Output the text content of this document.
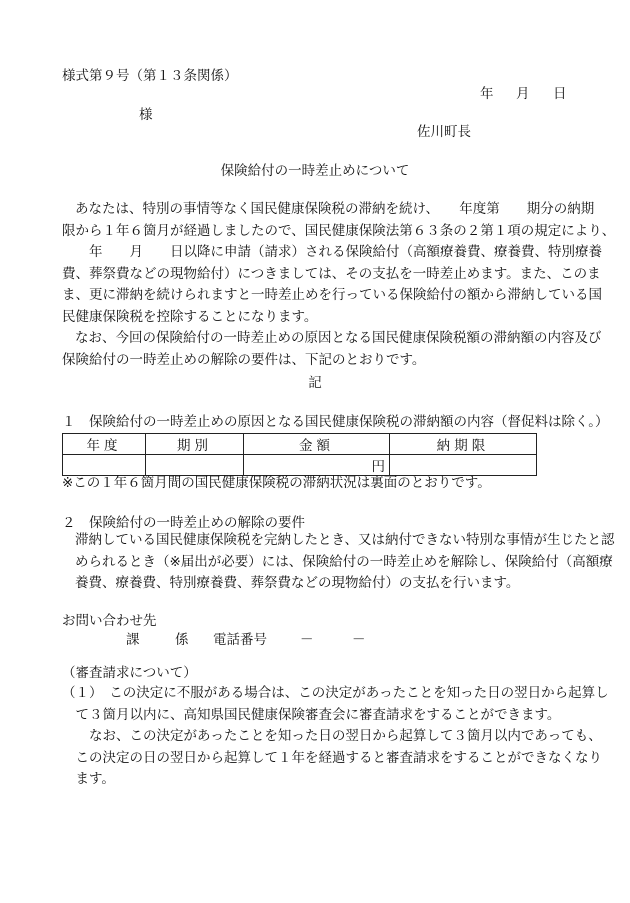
様式第９号（第１３条関係）
年 月 日
様
佐川町長
保険給付の一時差止めについて
あなたは、特別の事情等なく国民健康保険税の滞納を続け、　　年度第　　期分の納期
限から１年６箇月が経過しましたので、国民健康保険法第６３条の２第１項の規定により、
　　年　　月　　日以降に申請（請求）される保険給付（高額療養費、療養費、特別療養
費、葬祭費などの現物給付）につきましては、その支払を一時差止めます。また、このま
ま、更に滞納を続けられますと一時差止めを行っている保険給付の額から滞納している国
民健康保険税を控除することになります。
なお、今回の保険給付の一時差止めの原因となる国民健康保険税額の滞納額の内容及び
保険給付の一時差止めの解除の要件は、下記のとおりです。
記
１　保険給付の一時差止めの原因となる国民健康保険税の滞納額の内容（督促料は除く。）
年度	期別	金額	納期限
		円	
※この１年６箇月間の国民健康保険税の滞納状況は裏面のとおりです。
２　保険給付の一時差止めの解除の要件
滞納している国民健康保険税を完納したとき、又は納付できない特別な事情が生じたと認
められるとき（※届出が必要）には、保険給付の一時差止めを解除し、保険給付（高額療
養費、療養費、特別療養費、葬祭費などの現物給付）の支払を行います。
お問い合わせ先
課	係 電話番号 －	－
（審査請求について）
（１）　この決定に不服がある場合は、この決定があったことを知った日の翌日から起算し
　て３箇月以内に、高知県国民健康保険審査会に審査請求をすることができます。
　　なお、この決定があったことを知った日の翌日から起算して３箇月以内であっても、
　この決定の日の翌日から起算して１年を経過すると審査請求をすることができなくなり
　ます。
